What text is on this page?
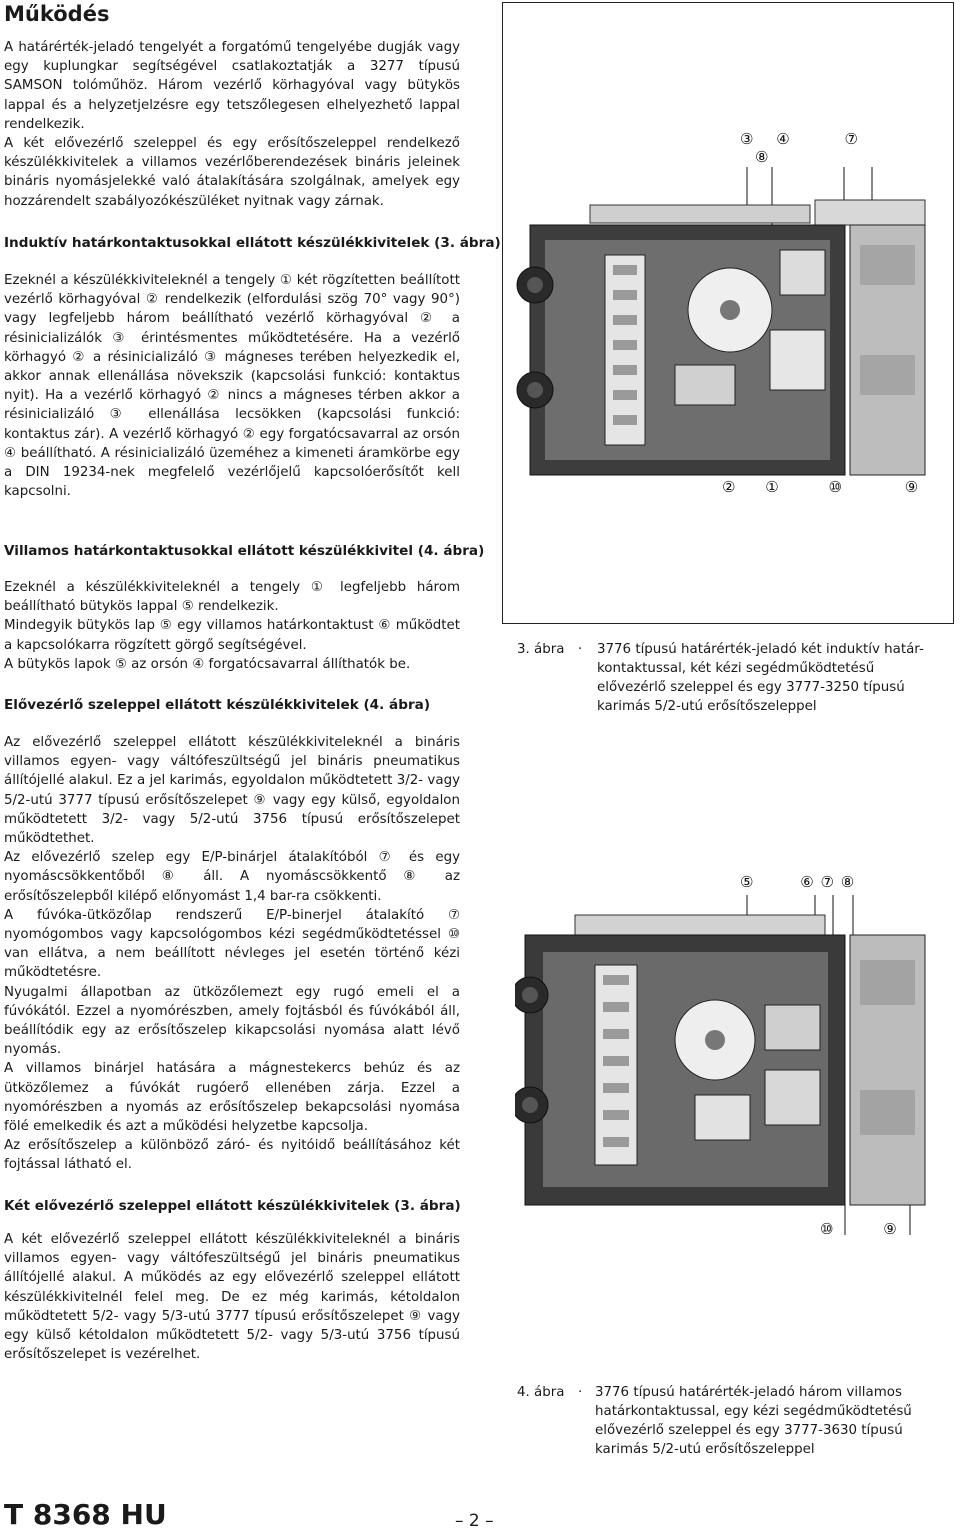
Működés

A határérték-jeladó tengelyét a forgatómű tengelyébe dugják vagy egy kuplungkar segítségével csatlakoztatják a 3277 típusú SAMSON tolóműhöz. Három vezérlő körhagyóval vagy bütykös lappal és a helyzetjelzésre egy tetszőlegesen elhelyezhető lappal rendelkezik.

A két elővezérlő szeleppel és egy erősítőszeleppel rendelkező készülékkivitelek a villamos vezérlőberendezések bináris jeleinek bináris nyomásjelekké való átalakítására szolgálnak, amelyek egy hozzárendelt szabályozókészüléket nyitnak vagy zárnak.

Induktív határkontaktusokkal ellátott készülékkivitelek (3. ábra)

Ezeknél a készülékkiviteleknél a tengely ① két rögzítetten beállított vezérlő körhagyóval ② rendelkezik (elfordulási szög 70° vagy 90°) vagy legfeljebb három beállítható vezérlő körhagyóval ② a résinicializálók ③ érintésmentes működtetésére. Ha a vezérlő körhagyó ② a résinicializáló ③ mágneses terében helyezkedik el, akkor annak ellenállása növekszik (kapcsolási funkció: kontaktus nyit). Ha a vezérlő körhagyó ② nincs a mágneses térben akkor a résinicializáló ③ ellenállása lecsökken (kapcsolási funkció: kontaktus zár). A vezérlő körhagyó ② egy forgatócsavarral az orsón ④ beállítható. A résinicializáló üzeméhez a kimeneti áramkörbe egy a DIN 19234-nek megfelelő vezérlőjelű kapcsolóerősítőt kell kapcsolni.

Villamos határkontaktusokkal ellátott készülékkivitel (4. ábra)

Ezeknél a készülékkiviteleknél a tengely ① legfeljebb három beállítható bütykös lappal ⑤ rendelkezik.

Mindegyik bütykös lap ⑤ egy villamos határkontaktust ⑥ működtet a kapcsolókarra rögzített görgő segítségével.

A bütykös lapok ⑤ az orsón ④ forgatócsavarral állíthatók be.

Elővezérlő szeleppel ellátott készülékkivitelek (4. ábra)

Az elővezérlő szeleppel ellátott készülékkiviteleknél a bináris villamos egyen- vagy váltófeszültségű jel bináris pneumatikus állítójellé alakul. Ez a jel karimás, egyoldalon működtetett 3/2- vagy 5/2-utú 3777 típusú erősítőszelepet ⑨ vagy egy külső, egyoldalon működtetett 3/2- vagy 5/2-utú 3756 típusú erősítőszelepet működtethet.

Az elővezérlő szelep egy E/P-binárjel átalakítóból ⑦ és egy nyomáscsökkentőből ⑧ áll. A nyomáscsökkentő ⑧ az erősítőszelepből kilépő előnyomást 1,4 bar-ra csökkenti.

A fúvóka-ütközőlap rendszerű E/P-binerjel átalakító ⑦ nyomógombos vagy kapcsológombos kézi segédműködtetéssel ⑩ van ellátva, a nem beállított névleges jel esetén történő kézi működtetésre.

Nyugalmi állapotban az ütközőlemezt egy rugó emeli el a fúvókától. Ezzel a nyomórészben, amely fojtásból és fúvókából áll, beállítódik egy az erősítőszelep kikapcsolási nyomása alatt lévő nyomás.

A villamos binárjel hatására a mágnestekercs behúz és az ütközőlemez a fúvókát rugóerő ellenében zárja. Ezzel a nyomórészben a nyomás az erősítőszelep bekapcsolási nyomása fölé emelkedik és azt a működési helyzetbe kapcsolja.

Az erősítőszelep a különböző záró- és nyitóidő beállításához két fojtással látható el.

Két elővezérlő szeleppel ellátott készülékkivitelek (3. ábra)

A két elővezérlő szeleppel ellátott készülékkiviteleknél a bináris villamos egyen- vagy váltófeszültségű jel bináris pneumatikus állítójellé alakul. A működés az egy elővezérlő szeleppel ellátott készülékkivitelnél felel meg. De ez még karimás, kétoldalon működtetett 5/2- vagy 5/3-utú 3777 típusú erősítőszelepet ⑨ vagy egy külső kétoldalon működtetett 5/2- vagy 5/3-utú 3756 típusú erősítőszelepet is vezérelhet.

③ ④	⑦ ⑧
② ①	⑩	⑨
3. ábra	· 3776 típusú határérték-jeladó két induktív határ- kontaktussal, két kézi segédműködtetésű elővezérlő szeleppel és egy 3777-3250 típusú karimás 5/2-utú erősítőszeleppel
⑤	⑥ ⑦ ⑧
⑩	⑨
4. ábra	· 3776 típusú határérték-jeladó három villamos határkontaktussal, egy kézi segédműködtetésű elővezérlő szeleppel és egy 3777-3630 típusú karimás 5/2-utú erősítőszeleppel
T 8368 HU	– 2 –
